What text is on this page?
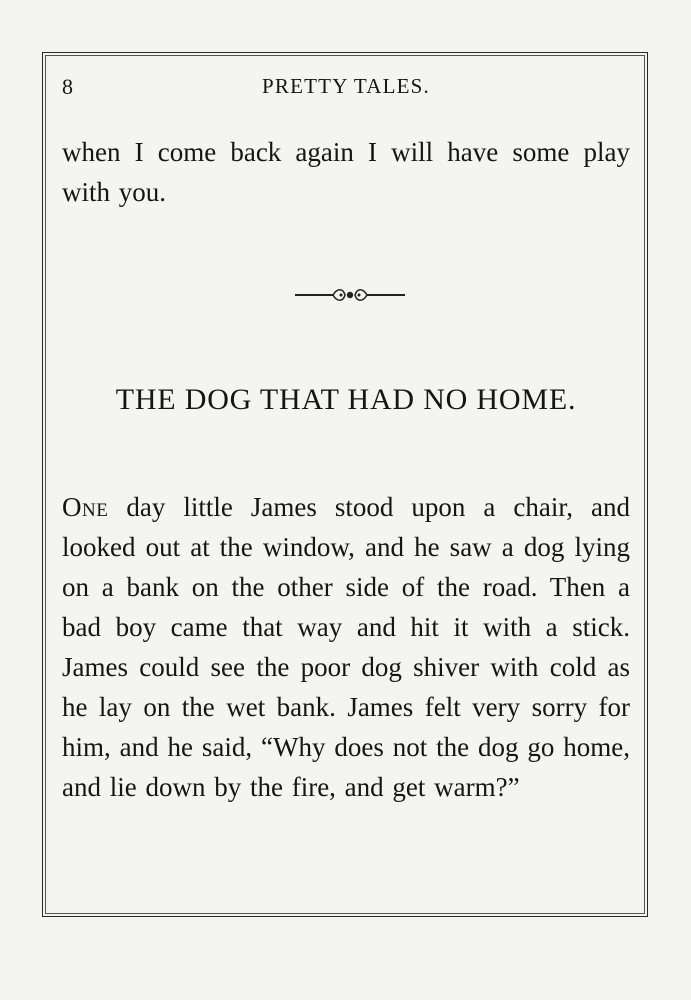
8	PRETTY TALES.
when I come back again I will have some play with you.
THE DOG THAT HAD NO HOME.
One day little James stood upon a chair, and looked out at the window, and he saw a dog lying on a bank on the other side of the road. Then a bad boy came that way and hit it with a stick. James could see the poor dog shiver with cold as he lay on the wet bank. James felt very sorry for him, and he said, “Why does not the dog go home, and lie down by the fire, and get warm?”
